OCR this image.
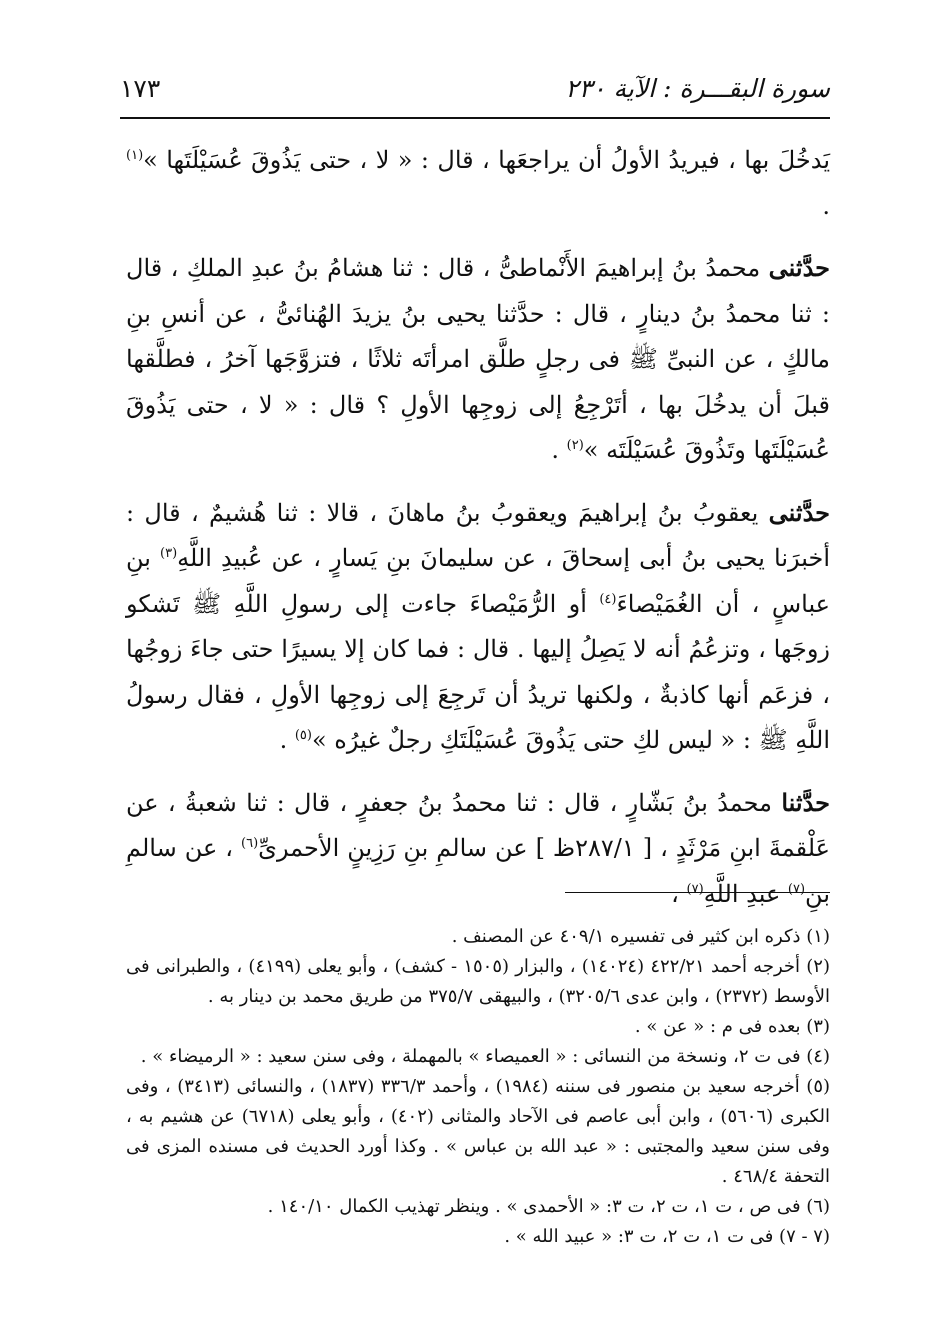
سورة البقـــرة : الآية ٢٣٠
١٧٣

يَدخُلَ بها ، فيريدُ الأولُ أن يراجعَها ، قال : « لا ، حتى يَذُوقَ عُسَيْلَتَها »$^{(١)}$ .

حدَّثنى محمدُ بنُ إبراهيمَ الأَنْماطىُّ ، قال : ثنا هشامُ بنُ عبدِ الملكِ ، قال : ثنا محمدُ بنُ دينارٍ ، قال : حدَّثنا يحيى بنُ يزيدَ الهُنائىُّ ، عن أنسِ بنِ مالكٍ ، عن النبىِّ ﷺ فى رجلٍ طلَّق امرأتَه ثلاثًا ، فتزوَّجَها آخرُ ، فطلَّقها قبلَ أن يدخُلَ بها ، أتَرْجِعُ إلى زوجِها الأولِ ؟ قال : « لا ، حتى يَذُوقَ عُسَيْلَتَها وتَذُوقَ عُسَيْلَتَه »$^{(٢)}$ .

حدَّثنى يعقوبُ بنُ إبراهيمَ ويعقوبُ بنُ ماهانَ ، قالا : ثنا هُشيمٌ ، قال : أخبرَنا يحيى بنُ أبى إسحاقَ ، عن سليمانَ بنِ يَسارٍ ، عن عُبيدِ اللَّهِ$^{(٣)}$ بنِ عباسٍ ، أن الغُمَيْصاءَ$^{(٤)}$ أو الرُّمَيْصاءَ جاءت إلى رسولِ اللَّهِ ﷺ تَشكو زوجَها ، وتزعُمُ أنه لا يَصِلُ إليها . قال : فما كان إلا يسيرًا حتى جاءَ زوجُها ، فزعَم أنها كاذبةٌ ، ولكنها تريدُ أن تَرجِعَ إلى زوجِها الأولِ ، فقال رسولُ اللَّهِ ﷺ : « ليس لكِ حتى يَذُوقَ عُسَيْلَتَكِ رجلٌ غيرُه »$^{(٥)}$ .

حدَّثنا محمدُ بنُ بَشّارٍ ، قال : ثنا محمدُ بنُ جعفرٍ ، قال : ثنا شعبةُ ، عن عَلْقمةَ ابنِ مَرْثَدٍ ، [ ٢٨٧/١ظ ] عن سالمِ بنِ رَزِينٍ الأحمرىِّ$^{(٦)}$ ، عن سالمِ بنِ$^{(٧)}$ عبدِ اللَّهِ$^{(٧)}$ ،

(١) ذكره ابن كثير فى تفسيره ٤٠٩/١ عن المصنف .

(٢) أخرجه أحمد ٤٢٢/٢١ (١٤٠٢٤) ، والبزار (١٥٠٥ - كشف) ، وأبو يعلى (٤١٩٩) ، والطبرانى فى الأوسط (٢٣٧٢) ، وابن عدى ٣٢٠٥/٦) ، والبيهقى ٣٧٥/٧ من طريق محمد بن دينار به .

(٣) بعده فى م : « عن » .

(٤) فى ت ٢، ونسخة من النسائى : « العميصاء » بالمهملة ، وفى سنن سعيد : « الرميضاء » .

(٥) أخرجه سعيد بن منصور فى سننه (١٩٨٤) ، وأحمد ٣٣٦/٣ (١٨٣٧) ، والنسائى (٣٤١٣) ، وفى الكبرى (٥٦٠٦) ، وابن أبى عاصم فى الآحاد والمثانى (٤٠٢) ، وأبو يعلى (٦٧١٨) عن هشيم به ، وفى سنن سعيد والمجتبى : « عبد الله بن عباس » . وكذا أورد الحديث فى مسنده المزى فى التحفة ٤٦٨/٤ .

(٦) فى ص ، ت ١، ت ٢، ت ٣: « الأحمدى » . وينظر تهذيب الكمال ١٤٠/١٠ .

(٧ - ٧) فى ت ١، ت ٢، ت ٣: « عبيد الله » .
